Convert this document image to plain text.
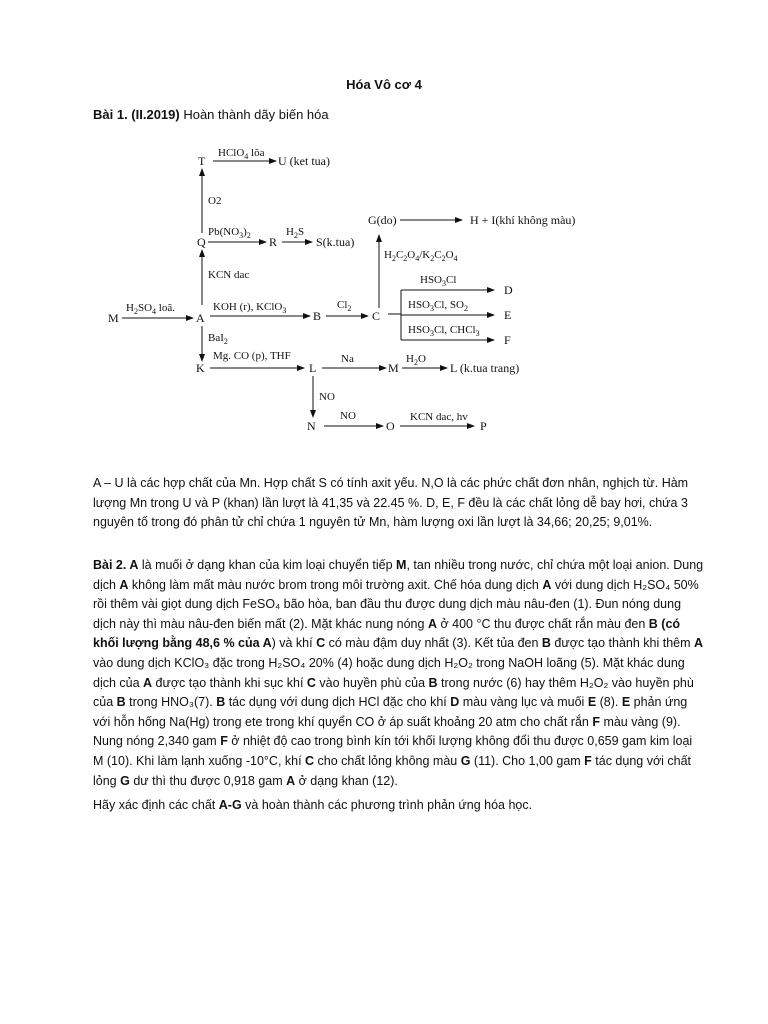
Hóa Vô cơ 4
Bài 1. (II.2019) Hoàn thành dãy biến hóa
T	U (ket tua)
Q	R	S(k.tua)
G(do)	H + I(khí không màu)
M	A	B	C
D
E
F
K	L	M	L (k.tua trang)
N	O	P
HClO$_4$ lõa
O2
$Pb(NO_3)_2$	$H_2S$
KCN dac
$H_2SO_4$ loã.	KOH (r), KClO$_3$	$Cl_2$
$H_2C_2O_4/K_2C_2O_4$
$HSO_3Cl$
$HSO_3Cl$, $SO_2$
$HSO_3Cl$, CHCl$_3$
BaI$_2$
Mg. CO (p), THF	Na	$H_2O$
NO
NO	KCN dac, hv
A – U là các hợp chất của Mn. Hợp chất S có tính axit yếu. N,O là các phức chất đơn nhân, nghịch từ. Hàm lượng Mn trong U và P (khan) lần lượt là 41,35 và 22.45 %. D, E, F đều là các chất lỏng dễ bay hơi, chứa 3 nguyên tố trong đó phân tử chỉ chứa 1 nguyên tử Mn, hàm lượng oxi lần lượt là 34,66; 20,25; 9,01%.
Bài 2. A là muối ở dạng khan của kim loại chuyển tiếp M, tan nhiều trong nước, chỉ chứa một loại anion. Dung dịch A không làm mất màu nước brom trong môi trường axit. Chế hóa dung dịch A với dung dịch H₂SO₄ 50% rồi thêm vài giọt dung dịch FeSO₄ bão hòa, ban đầu thu được dung dịch màu nâu-đen (1). Đun nóng dung dịch này thì màu nâu-đen biến mất (2). Mặt khác nung nóng A ở 400 °C thu được chất rắn màu đen B (có khối lượng bằng 48,6 % của A) và khí C có màu đậm duy nhất (3). Kết tủa đen B được tạo thành khi thêm A vào dung dịch KClO₃ đặc trong H₂SO₄ 20% (4) hoặc dung dịch H₂O₂ trong NaOH loãng (5). Mặt khác dung dịch của A được tạo thành khi sục khí C vào huyền phù của B trong nước (6) hay thêm H₂O₂ vào huyền phù của B trong HNO₃(7). B tác dụng với dung dịch HCl đặc cho khí D màu vàng lục và muối E (8). E phản ứng với hỗn hống Na(Hg) trong ete trong khí quyển CO ở áp suất khoảng 20 atm cho chất rắn F màu vàng (9). Nung nóng 2,340 gam F ở nhiệt độ cao trong bình kín tới khối lượng không đổi thu được 0,659 gam kim loại M (10). Khi làm lạnh xuống -10°C, khí C cho chất lỏng không màu G (11). Cho 1,00 gam F tác dụng với chất lỏng G dư thì thu được 0,918 gam A ở dạng khan (12).
Hãy xác định các chất A-G và hoàn thành các phương trình phản ứng hóa học.
